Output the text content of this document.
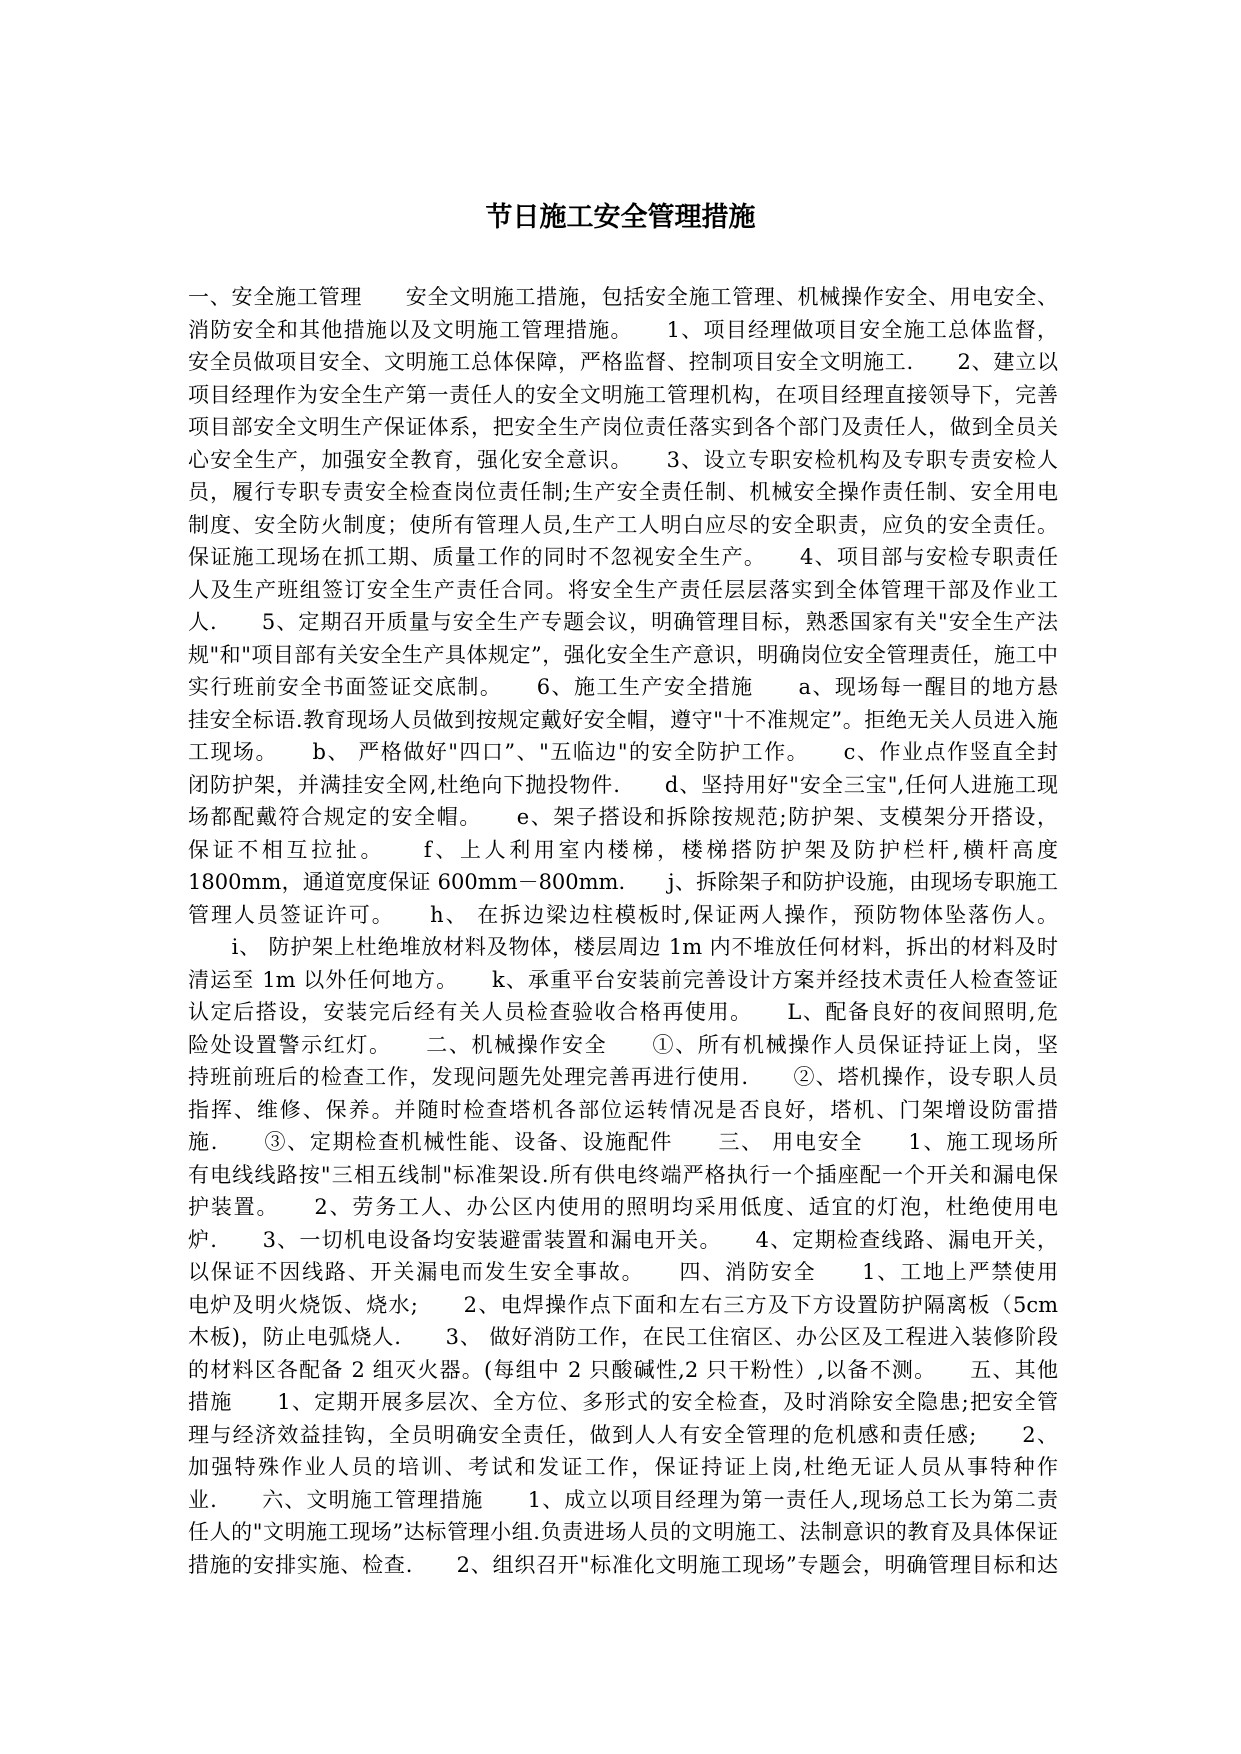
节日施工安全管理措施
一、安全施工管理　　安全文明施工措施，包括安全施工管理、机械操作安全、用电安全、
消防安全和其他措施以及文明施工管理措施。　　1、项目经理做项目安全施工总体监督，
安全员做项目安全、文明施工总体保障，严格监督、控制项目安全文明施工.　　2、建立以
项目经理作为安全生产第一责任人的安全文明施工管理机构，在项目经理直接领导下，完善
项目部安全文明生产保证体系，把安全生产岗位责任落实到各个部门及责任人，做到全员关
心安全生产，加强安全教育，强化安全意识。　　3、设立专职安检机构及专职专责安检人
员，履行专职专责安全检查岗位责任制;生产安全责任制、机械安全操作责任制、安全用电
制度、安全防火制度；使所有管理人员,生产工人明白应尽的安全职责，应负的安全责任。
保证施工现场在抓工期、质量工作的同时不忽视安全生产。　　4、项目部与安检专职责任
人及生产班组签订安全生产责任合同。将安全生产责任层层落实到全体管理干部及作业工
人.　　5、定期召开质量与安全生产专题会议，明确管理目标，熟悉国家有关"安全生产法
规"和"项目部有关安全生产具体规定”，强化安全生产意识，明确岗位安全管理责任，施工中
实行班前安全书面签证交底制。　　6、施工生产安全措施　　a、现场每一醒目的地方悬
挂安全标语.教育现场人员做到按规定戴好安全帽，遵守"十不准规定”。拒绝无关人员进入施
工现场。　　b、 严格做好"四口”、"五临边"的安全防护工作。　　c、作业点作竖直全封
闭防护架，并满挂安全网,杜绝向下抛投物件.　　d、坚持用好"安全三宝",任何人进施工现
场都配戴符合规定的安全帽。　　e、架子搭设和拆除按规范;防护架、支模架分开搭设，
保证不相互拉扯。　　f、上人利用室内楼梯，楼梯搭防护架及防护栏杆,横杆高度
1800mm，通道宽度保证 600mm－800mm.　　j、拆除架子和防护设施，由现场专职施工
管理人员签证许可。　　h、 在拆边梁边柱模板时,保证两人操作，预防物体坠落伤人。
　　i、 防护架上杜绝堆放材料及物体，楼层周边 1m 内不堆放任何材料，拆出的材料及时
清运至 1m 以外任何地方。　　k、承重平台安装前完善设计方案并经技术责任人检查签证
认定后搭设，安装完后经有关人员检查验收合格再使用。　　L、配备良好的夜间照明,危
险处设置警示红灯。　　二、机械操作安全　　①、所有机械操作人员保证持证上岗，坚
持班前班后的检查工作，发现问题先处理完善再进行使用.　　②、塔机操作，设专职人员
指挥、维修、保养。并随时检查塔机各部位运转情况是否良好，塔机、门架增设防雷措
施.　　③、定期检查机械性能、设备、设施配件　　三、 用电安全　　1、施工现场所
有电线线路按"三相五线制"标准架设.所有供电终端严格执行一个插座配一个开关和漏电保
护装置。　　2、劳务工人、办公区内使用的照明均采用低度、适宜的灯泡，杜绝使用电
炉.　　3、一切机电设备均安装避雷装置和漏电开关。　　4、定期检查线路、漏电开关，
以保证不因线路、开关漏电而发生安全事故。　　四、消防安全　　1、工地上严禁使用
电炉及明火烧饭、烧水;　　2、电焊操作点下面和左右三方及下方设置防护隔离板（5cm
木板)，防止电弧烧人.　　3、 做好消防工作，在民工住宿区、办公区及工程进入装修阶段
的材料区各配备 2 组灭火器。(每组中 2 只酸碱性,2 只干粉性）,以备不测。　　五、其他
措施　　1、定期开展多层次、全方位、多形式的安全检查，及时消除安全隐患;把安全管
理与经济效益挂钩，全员明确安全责任，做到人人有安全管理的危机感和责任感;　　2、
加强特殊作业人员的培训、考试和发证工作，保证持证上岗,杜绝无证人员从事特种作
业.　　六、文明施工管理措施　　1、成立以项目经理为第一责任人,现场总工长为第二责
任人的"文明施工现场”达标管理小组.负责进场人员的文明施工、法制意识的教育及具体保证
措施的安排实施、检查.　　2、组织召开"标准化文明施工现场”专题会，明确管理目标和达
